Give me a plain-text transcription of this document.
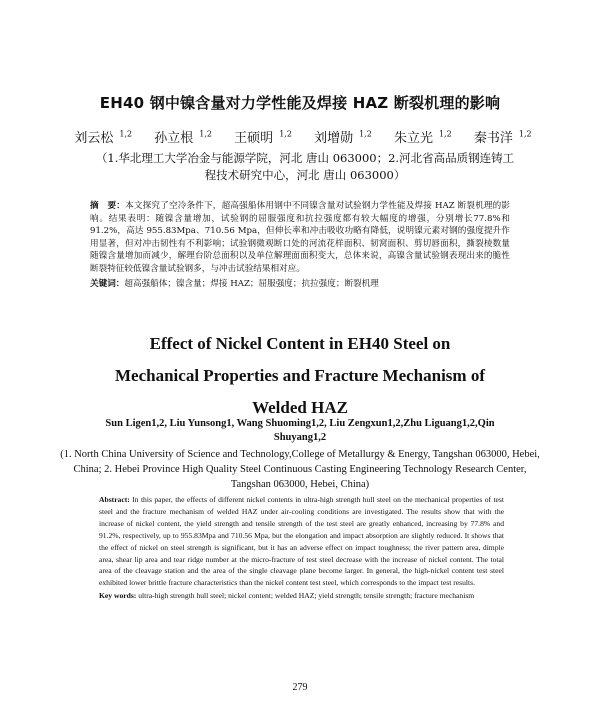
EH40 钢中镍含量对力学性能及焊接 HAZ 断裂机理的影响
刘云松 $^{1,2}$ 孙立根 $^{1,2}$ 王硕明 $^{1,2}$ 刘增勋 $^{1,2}$ 朱立光 $^{1,2}$ 秦书洋 $^{1,2}$
（1.华北理工大学冶金与能源学院，河北 唐山 063000；2.河北省高品质钢连铸工程技术研究中心，河北 唐山 063000）
摘　要：本文探究了空冷条件下，超高强船体用钢中不同镍含量对试验钢力学性能及焊接 HAZ 断裂机理的影响。结果表明：随镍含量增加，试验钢的屈服强度和抗拉强度都有较大幅度的增强，分别增长77.8%和 91.2%，高达 955.83Mpa、710.56 Mpa，但伸长率和冲击吸收功略有降低，说明镍元素对钢的强度提升作用显著，但对冲击韧性有不利影响；试验钢微观断口处的河流花样面积、韧窝面积、剪切唇面积，撕裂棱数量随镍含量增加而减少，解理台阶总面积以及单位解理面面积变大，总体来说，高镍含量试验钢表现出来的脆性断裂特征较低镍含量试验钢多，与冲击试验结果相对应。
关键词：超高强船体；镍含量；焊接 HAZ；屈服强度；抗拉强度；断裂机理
Effect of Nickel Content in EH40 Steel on
Mechanical Properties and Fracture Mechanism of
Welded HAZ
Sun Ligen1,2, Liu Yunsong1, Wang Shuoming1,2, Liu Zengxun1,2,Zhu Liguang1,2,Qin
Shuyang1,2
(1. North China University of Science and Technology,College of Metallurgy & Energy, Tangshan 063000, Hebei, China; 2. Hebei Province High Quality Steel Continuous Casting Engineering Technology Research Center, Tangshan 063000, Hebei, China)
Abstract: In this paper, the effects of different nickel contents in ultra-high strength hull steel on the mechanical properties of test steel and the fracture mechanism of welded HAZ under air-cooling conditions are investigated. The results show that with the increase of nickel content, the yield strength and tensile strength of the test steel are greatly enhanced, increasing by 77.8% and 91.2%, respectively, up to 955.83Mpa and 710.56 Mpa, but the elongation and impact absorption are slightly reduced. It shows that the effect of nickel on steel strength is significant, but it has an adverse effect on impact toughness; the river pattern area, dimple area, shear lip area and tear ridge number at the micro-fracture of test steel decrease with the increase of nickel content. The total area of the cleavage station and the area of the single cleavage plane become larger. In general, the high-nickel content test steel exhibited lower brittle fracture characteristics than the nickel content test steel, which corresponds to the impact test results.
Key words: ultra-high strength hull steel; nickel content; welded HAZ; yield strength; tensile strength; fracture mechanism
279
